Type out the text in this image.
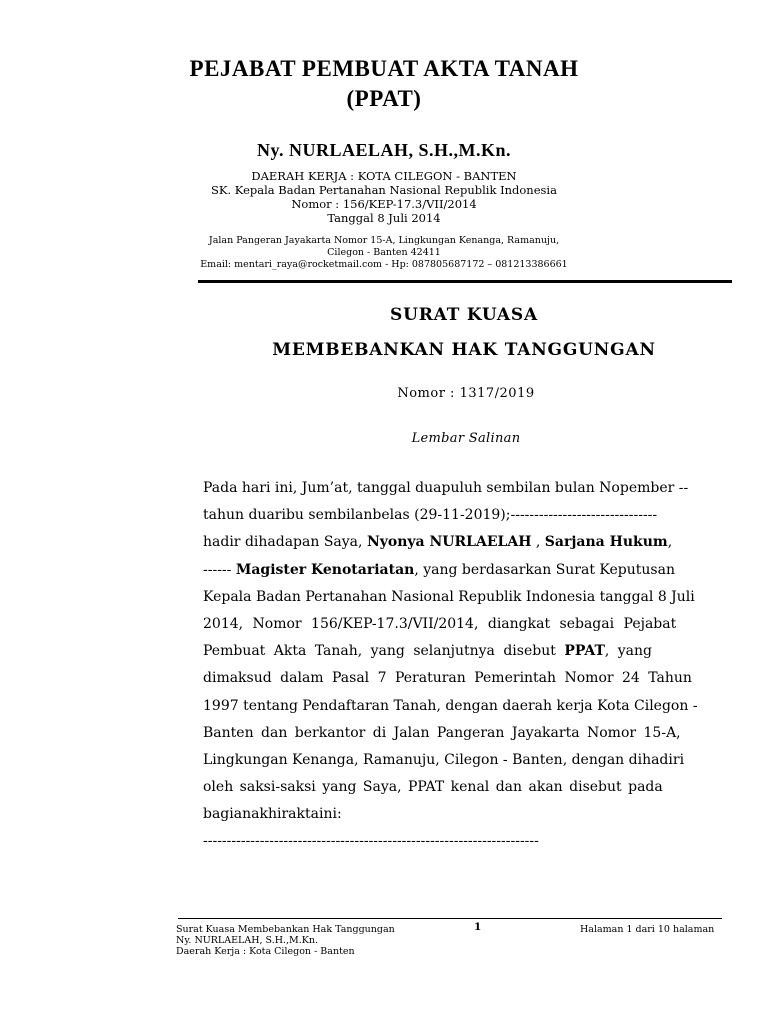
PEJABAT PEMBUAT AKTA TANAH
(PPAT)
Ny. NURLAELAH, S.H.,M.Kn.
DAERAH KERJA : KOTA CILEGON - BANTEN
SK. Kepala Badan Pertanahan Nasional Republik Indonesia
Nomor : 156/KEP-17.3/VII/2014
Tanggal 8 Juli 2014
Jalan Pangeran Jayakarta Nomor 15-A, Lingkungan Kenanga, Ramanuju,
Cilegon - Banten 42411
Email: mentari_raya@rocketmail.com - Hp: 087805687172 – 081213386661
SURAT KUASA
MEMBEBANKAN HAK TANGGUNGAN
Nomor : 1317/2019
Lembar Salinan
Pada hari ini, Jum’at, tanggal duapuluh sembilan bulan Nopember --
tahun duaribu sembilanbelas (29-11-2019);-------------------------------
hadir dihadapan Saya, Nyonya NURLAELAH , Sarjana Hukum,
------ Magister Kenotariatan, yang berdasarkan Surat Keputusan
Kepala Badan Pertanahan Nasional Republik Indonesia tanggal 8 Juli
2014, Nomor 156/KEP-17.3/VII/2014, diangkat sebagai Pejabat
Pembuat Akta Tanah, yang selanjutnya disebut PPAT, yang
dimaksud dalam Pasal 7 Peraturan Pemerintah Nomor 24 Tahun
1997 tentang Pendaftaran Tanah, dengan daerah kerja Kota Cilegon -
Banten dan berkantor di Jalan Pangeran Jayakarta Nomor 15-A,
Lingkungan Kenanga, Ramanuju, Cilegon - Banten, dengan dihadiri
oleh saksi-saksi yang Saya, PPAT kenal dan akan disebut pada
bagianakhiraktaini:
-----------------------------------------------------------------------
Surat Kuasa Membebankan Hak Tanggungan
Ny. NURLAELAH, S.H.,M.Kn.
Daerah Kerja : Kota Cilegon - Banten
1	Halaman 1 dari 10 halaman
